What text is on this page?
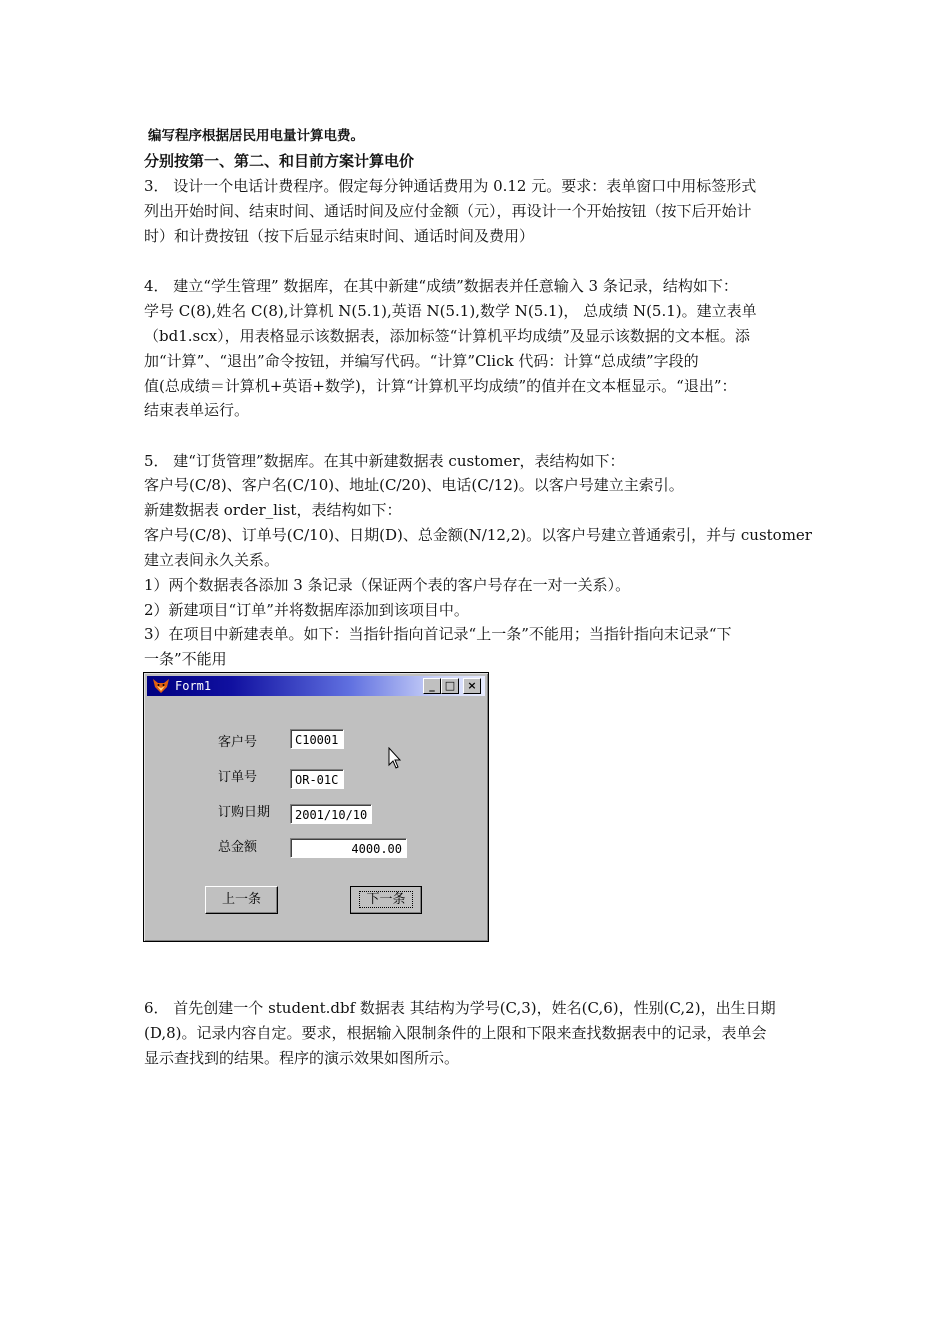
编写程序根据居民用电量计算电费。

分别按第一、第二、和目前方案计算电价

3． 设计一个电话计费程序。假定每分钟通话费用为 0.12 元。要求：表单窗口中用标签形式

列出开始时间、结束时间、通话时间及应付金额（元），再设计一个开始按钮（按下后开始计

时）和计费按钮（按下后显示结束时间、通话时间及费用）

4． 建立“学生管理” 数据库，在其中新建“成绩”数据表并任意输入 3 条记录，结构如下：

学号 C(8),姓名 C(8),计算机 N(5.1),英语 N(5.1),数学 N(5.1)， 总成绩 N(5.1)。建立表单

（bd1.scx），用表格显示该数据表，添加标签“计算机平均成绩”及显示该数据的文本框。添

加“计算”、“退出”命令按钮，并编写代码。“计算”Click 代码：计算“总成绩”字段的

值(总成绩＝计算机+英语+数学)，计算“计算机平均成绩”的值并在文本框显示。“退出”：

结束表单运行。

5． 建“订货管理”数据库。在其中新建数据表 customer，表结构如下：

客户号(C/8)、客户名(C/10)、地址(C/20)、电话(C/12)。以客户号建立主索引。

新建数据表 order_list，表结构如下：

客户号(C/8)、订单号(C/10)、日期(D)、总金额(N/12,2)。以客户号建立普通索引，并与 customer

建立表间永久关系。

1）两个数据表各添加 3 条记录（保证两个表的客户号存在一对一关系）。

2）新建项目“订单”并将数据库添加到该项目中。

3）在项目中新建表单。如下：当指针指向首记录“上一条”不能用；当指针指向末记录“下

一条”不能用

Form1	_ □	×
客户号	C10001
订单号	OR-01C
订购日期	2001/10/10
总金额	4000.00
上一条	下一条

6． 首先创建一个 student.dbf 数据表 其结构为学号(C,3)，姓名(C,6)，性别(C,2)，出生日期

(D,8)。记录内容自定。要求，根据输入限制条件的上限和下限来查找数据表中的记录，表单会

显示查找到的结果。程序的演示效果如图所示。
